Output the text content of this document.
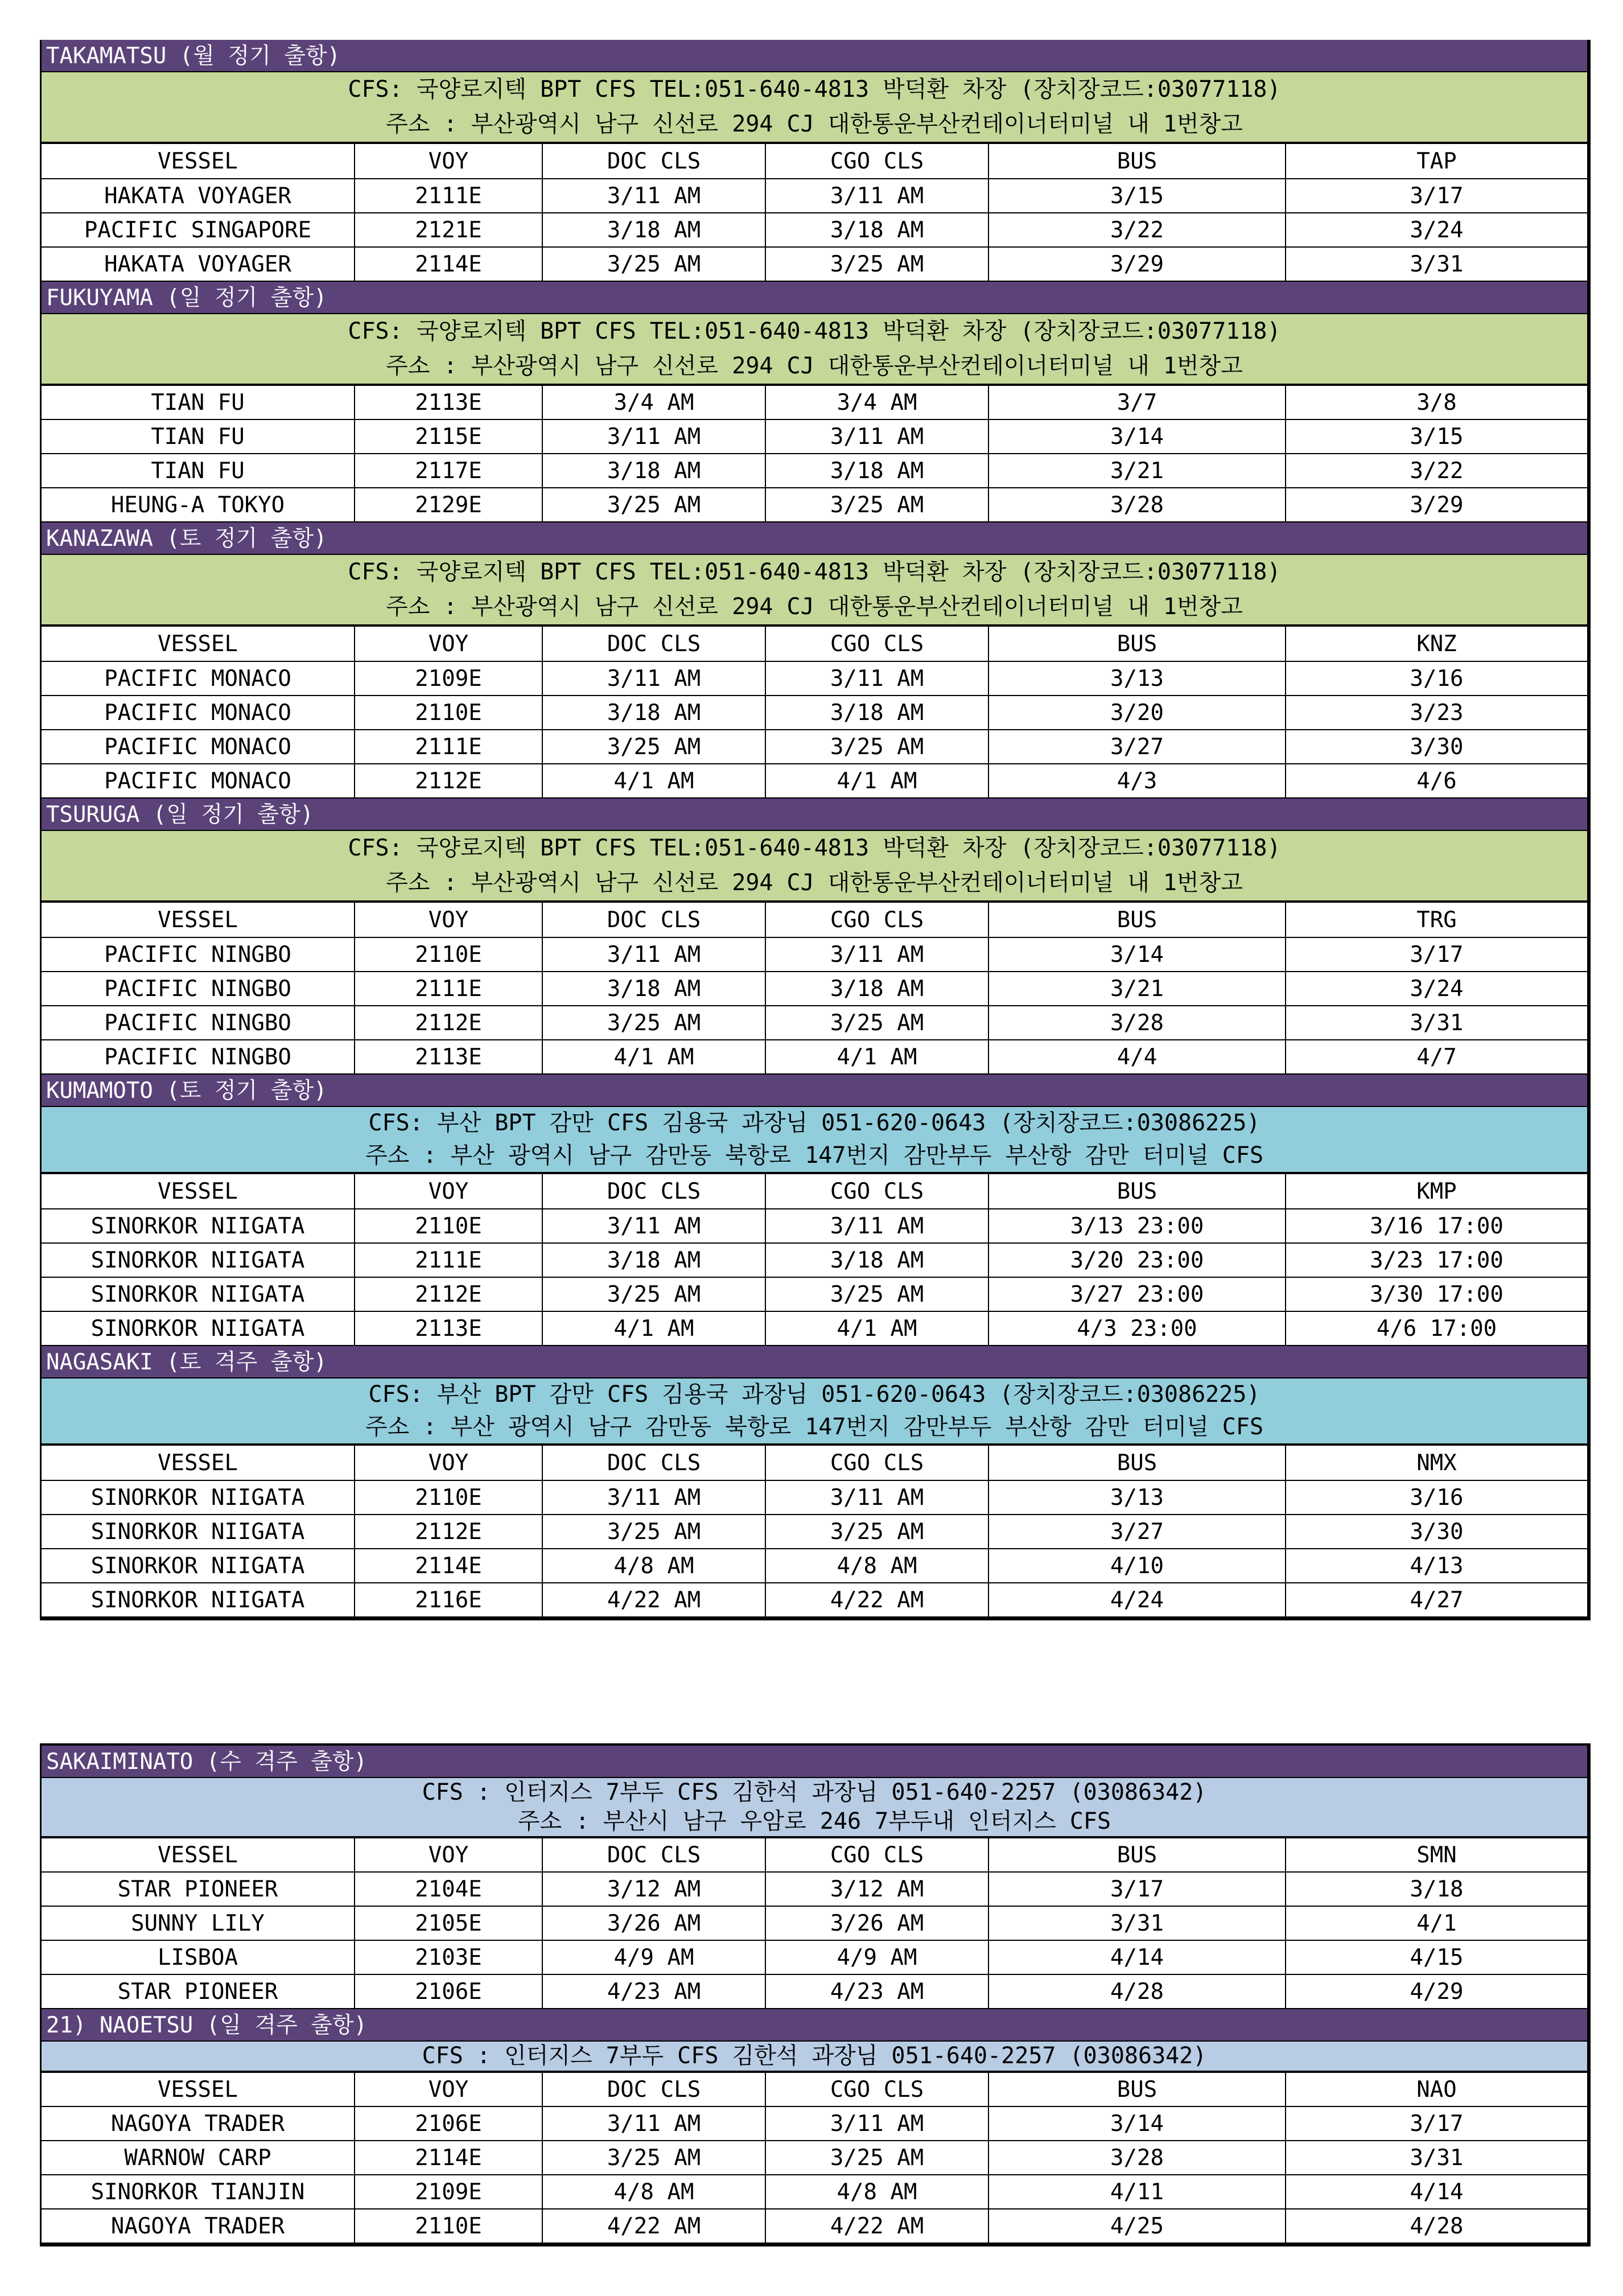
TAKAMATSU (월 정기 출항)
CFS: 국양로지텍 BPT CFS TEL:051-640-4813 박덕환 차장 (장치장코드:03077118)
주소 : 부산광역시 남구 신선로 294 CJ 대한통운부산컨테이너터미널 내 1번창고
VESSEL	VOY	DOC CLS	CGO CLS	BUS	TAP
HAKATA VOYAGER	2111E	3/11 AM	3/11 AM	3/15	3/17
PACIFIC SINGAPORE	2121E	3/18 AM	3/18 AM	3/22	3/24
HAKATA VOYAGER	2114E	3/25 AM	3/25 AM	3/29	3/31
FUKUYAMA (일 정기 출항)
CFS: 국양로지텍 BPT CFS TEL:051-640-4813 박덕환 차장 (장치장코드:03077118)
주소 : 부산광역시 남구 신선로 294 CJ 대한통운부산컨테이너터미널 내 1번창고
TIAN FU	2113E	3/4 AM	3/4 AM	3/7	3/8
TIAN FU	2115E	3/11 AM	3/11 AM	3/14	3/15
TIAN FU	2117E	3/18 AM	3/18 AM	3/21	3/22
HEUNG-A TOKYO	2129E	3/25 AM	3/25 AM	3/28	3/29
KANAZAWA (토 정기 출항)
CFS: 국양로지텍 BPT CFS TEL:051-640-4813 박덕환 차장 (장치장코드:03077118)
주소 : 부산광역시 남구 신선로 294 CJ 대한통운부산컨테이너터미널 내 1번창고
VESSEL	VOY	DOC CLS	CGO CLS	BUS	KNZ
PACIFIC MONACO	2109E	3/11 AM	3/11 AM	3/13	3/16
PACIFIC MONACO	2110E	3/18 AM	3/18 AM	3/20	3/23
PACIFIC MONACO	2111E	3/25 AM	3/25 AM	3/27	3/30
PACIFIC MONACO	2112E	4/1 AM	4/1 AM	4/3	4/6
TSURUGA (일 정기 출항)
CFS: 국양로지텍 BPT CFS TEL:051-640-4813 박덕환 차장 (장치장코드:03077118)
주소 : 부산광역시 남구 신선로 294 CJ 대한통운부산컨테이너터미널 내 1번창고
VESSEL	VOY	DOC CLS	CGO CLS	BUS	TRG
PACIFIC NINGBO	2110E	3/11 AM	3/11 AM	3/14	3/17
PACIFIC NINGBO	2111E	3/18 AM	3/18 AM	3/21	3/24
PACIFIC NINGBO	2112E	3/25 AM	3/25 AM	3/28	3/31
PACIFIC NINGBO	2113E	4/1 AM	4/1 AM	4/4	4/7
KUMAMOTO (토 정기 출항)
CFS: 부산 BPT 감만 CFS 김용국 과장님 051-620-0643 (장치장코드:03086225)
주소 : 부산 광역시 남구 감만동 북항로 147번지 감만부두 부산항 감만 터미널 CFS
VESSEL	VOY	DOC CLS	CGO CLS	BUS	KMP
SINORKOR NIIGATA	2110E	3/11 AM	3/11 AM	3/13 23:00	3/16 17:00
SINORKOR NIIGATA	2111E	3/18 AM	3/18 AM	3/20 23:00	3/23 17:00
SINORKOR NIIGATA	2112E	3/25 AM	3/25 AM	3/27 23:00	3/30 17:00
SINORKOR NIIGATA	2113E	4/1 AM	4/1 AM	4/3 23:00	4/6 17:00
NAGASAKI (토 격주 출항)
CFS: 부산 BPT 감만 CFS 김용국 과장님 051-620-0643 (장치장코드:03086225)
주소 : 부산 광역시 남구 감만동 북항로 147번지 감만부두 부산항 감만 터미널 CFS
VESSEL	VOY	DOC CLS	CGO CLS	BUS	NMX
SINORKOR NIIGATA	2110E	3/11 AM	3/11 AM	3/13	3/16
SINORKOR NIIGATA	2112E	3/25 AM	3/25 AM	3/27	3/30
SINORKOR NIIGATA	2114E	4/8 AM	4/8 AM	4/10	4/13
SINORKOR NIIGATA	2116E	4/22 AM	4/22 AM	4/24	4/27
SAKAIMINATO (수 격주 출항)
CFS : 인터지스 7부두 CFS 김한석 과장님 051-640-2257 (03086342)
주소 : 부산시 남구 우암로 246 7부두내 인터지스 CFS
VESSEL	VOY	DOC CLS	CGO CLS	BUS	SMN
STAR PIONEER	2104E	3/12 AM	3/12 AM	3/17	3/18
SUNNY LILY	2105E	3/26 AM	3/26 AM	3/31	4/1
LISBOA	2103E	4/9 AM	4/9 AM	4/14	4/15
STAR PIONEER	2106E	4/23 AM	4/23 AM	4/28	4/29
21) NAOETSU (일 격주 출항)
CFS : 인터지스 7부두 CFS 김한석 과장님 051-640-2257 (03086342)
VESSEL	VOY	DOC CLS	CGO CLS	BUS	NAO
NAGOYA TRADER	2106E	3/11 AM	3/11 AM	3/14	3/17
WARNOW CARP	2114E	3/25 AM	3/25 AM	3/28	3/31
SINORKOR TIANJIN	2109E	4/8 AM	4/8 AM	4/11	4/14
NAGOYA TRADER	2110E	4/22 AM	4/22 AM	4/25	4/28
